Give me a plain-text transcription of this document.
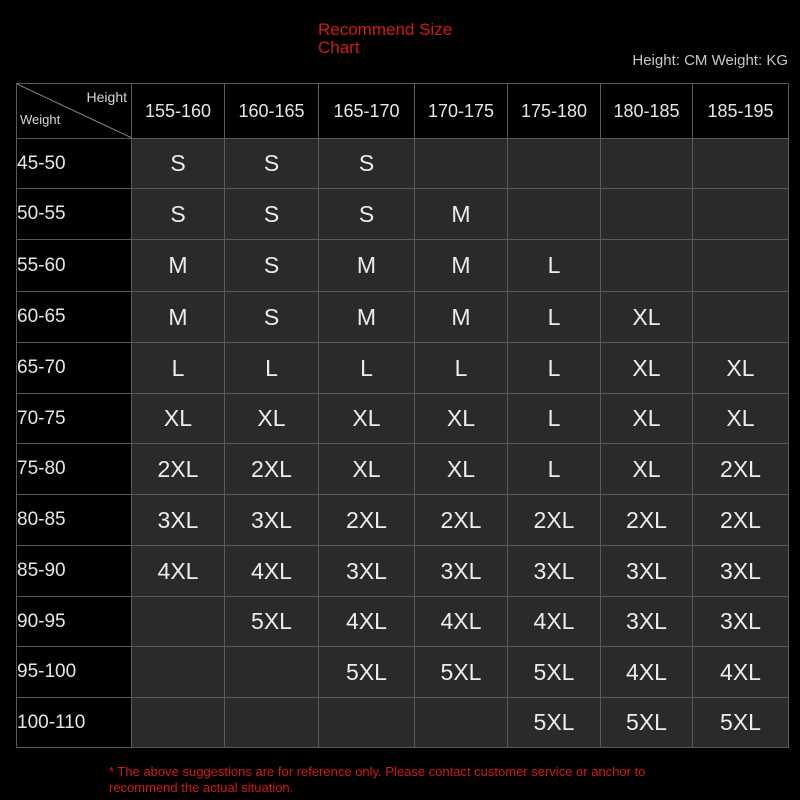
Recommend Size Chart
Height: CM Weight: KG
Height
Weight	155-160	160-165	165-170	170-175	175-180	180-185	185-195
45-50	S	S	S				
50-55	S	S	S	M			
55-60	M	S	M	M	L		
60-65	M	S	M	M	L	XL	
65-70	L	L	L	L	L	XL	XL
70-75	XL	XL	XL	XL	L	XL	XL
75-80	2XL	2XL	XL	XL	L	XL	2XL
80-85	3XL	3XL	2XL	2XL	2XL	2XL	2XL
85-90	4XL	4XL	3XL	3XL	3XL	3XL	3XL
90-95		5XL	4XL	4XL	4XL	3XL	3XL
95-100			5XL	5XL	5XL	4XL	4XL
100-110					5XL	5XL	5XL
* The above suggestions are for reference only. Please contact customer service or anchor to recommend the actual situation.
